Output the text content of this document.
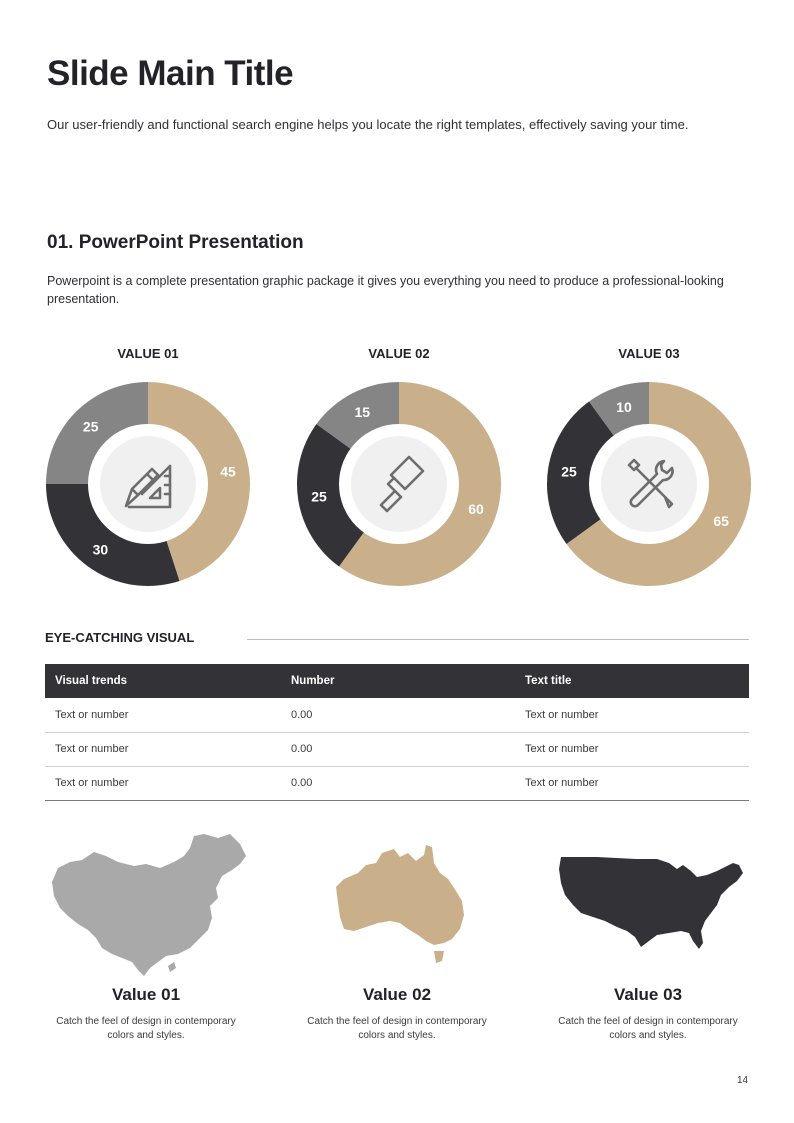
Slide Main Title
Our user-friendly and functional search engine helps you locate the right templates, effectively saving your time.
01. PowerPoint Presentation
Powerpoint is a complete presentation graphic package it gives you everything you need to produce a professional-looking presentation.
VALUE 01
45
30
25
VALUE 02
60
25
15
VALUE 03
65
25
10
EYE-CATCHING VISUAL
Visual trends	Number	Text title
Text or number	0.00	Text or number
Text or number	0.00	Text or number
Text or number	0.00	Text or number
Value 01
Catch the feel of design in contemporary
colors and styles.
Value 02
Catch the feel of design in contemporary
colors and styles.
Value 03
Catch the feel of design in contemporary
colors and styles.
14
